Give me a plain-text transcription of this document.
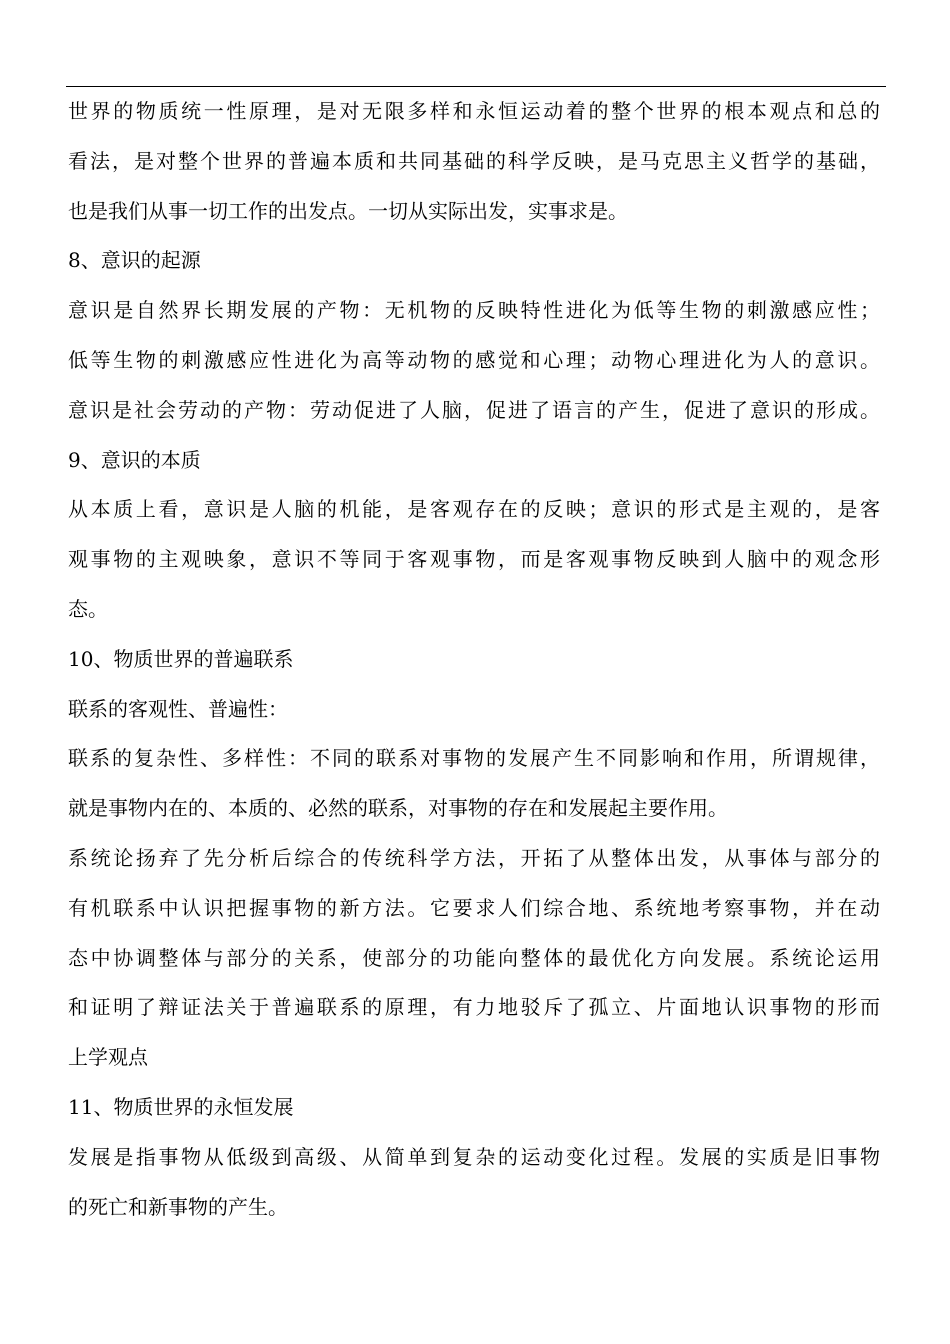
世界的物质统一性原理，是对无限多样和永恒运动着的整个世界的根本观点和总的

看法，是对整个世界的普遍本质和共同基础的科学反映，是马克思主义哲学的基础，

也是我们从事一切工作的出发点。一切从实际出发，实事求是。

8、意识的起源

意识是自然界长期发展的产物：无机物的反映特性进化为低等生物的刺激感应性；

低等生物的刺激感应性进化为高等动物的感觉和心理；动物心理进化为人的意识。

意识是社会劳动的产物：劳动促进了人脑，促进了语言的产生，促进了意识的形成。

9、意识的本质

从本质上看，意识是人脑的机能，是客观存在的反映；意识的形式是主观的，是客

观事物的主观映象，意识不等同于客观事物，而是客观事物反映到人脑中的观念形

态。

10、物质世界的普遍联系

联系的客观性、普遍性：

联系的复杂性、多样性：不同的联系对事物的发展产生不同影响和作用，所谓规律，

就是事物内在的、本质的、必然的联系，对事物的存在和发展起主要作用。

系统论扬弃了先分析后综合的传统科学方法，开拓了从整体出发，从事体与部分的

有机联系中认识把握事物的新方法。它要求人们综合地、系统地考察事物，并在动

态中协调整体与部分的关系，使部分的功能向整体的最优化方向发展。系统论运用

和证明了辩证法关于普遍联系的原理，有力地驳斥了孤立、片面地认识事物的形而

上学观点

11、物质世界的永恒发展

发展是指事物从低级到高级、从简单到复杂的运动变化过程。发展的实质是旧事物

的死亡和新事物的产生。
